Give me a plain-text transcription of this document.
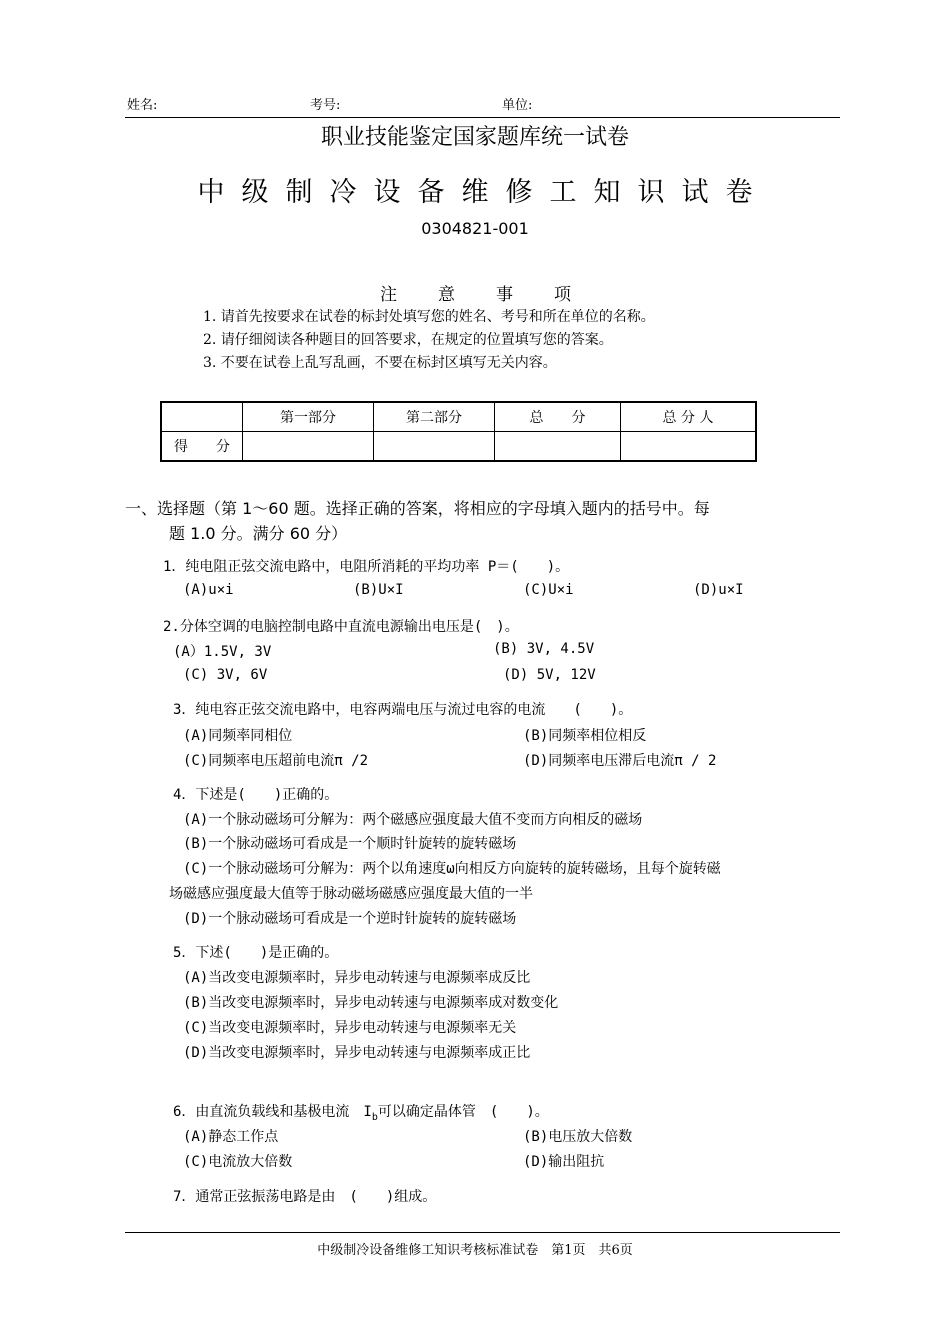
姓名:	考号:	单位:
职业技能鉴定国家题库统一试卷
中级制冷设备维修工知识试卷
0304821-001
注 意 事 项
1. 请首先按要求在试卷的标封处填写您的姓名、考号和所在单位的名称。
2. 请仔细阅读各种题目的回答要求，在规定的位置填写您的答案。
3. 不要在试卷上乱写乱画，不要在标封区填写无关内容。
	第一部分	第二部分	总　　分	总 分 人
得　　分				
一、选择题（第 1～60 题。选择正确的答案，将相应的字母填入题内的括号中。每
题 1.0 分。满分 60 分）
1．纯电阻正弦交流电路中，电阻所消耗的平均功率 P＝(　　)。
(A)u×i	(B)U×I	(C)U×i	(D)u×I
2.分体空调的电脑控制电路中直流电源输出电压是(　)。
(A）1.5V, 3V	(B) 3V, 4.5V
(C) 3V, 6V	(D) 5V, 12V
3．纯电容正弦交流电路中，电容两端电压与流过电容的电流　　(　　)。
(A)同频率同相位	(B)同频率相位相反
(C)同频率电压超前电流π /2	(D)同频率电压滞后电流π / 2
4．下述是(　　)正确的。
(A)一个脉动磁场可分解为：两个磁感应强度最大值不变而方向相反的磁场
(B)一个脉动磁场可看成是一个顺时针旋转的旋转磁场
(C)一个脉动磁场可分解为：两个以角速度ω向相反方向旋转的旋转磁场，且每个旋转磁
场磁感应强度最大值等于脉动磁场磁感应强度最大值的一半
(D)一个脉动磁场可看成是一个逆时针旋转的旋转磁场
5．下述(　　)是正确的。
(A)当改变电源频率时，异步电动转速与电源频率成反比
(B)当改变电源频率时，异步电动转速与电源频率成对数变化
(C)当改变电源频率时，异步电动转速与电源频率无关
(D)当改变电源频率时，异步电动转速与电源频率成正比
6．由直流负载线和基极电流　$I_b$可以确定晶体管　(　　)。
(A)静态工作点	(B)电压放大倍数
(C)电流放大倍数	(D)输出阻抗
7．通常正弦振荡电路是由　(　　)组成。
中级制冷设备维修工知识考核标准试卷　第1页　共6页
